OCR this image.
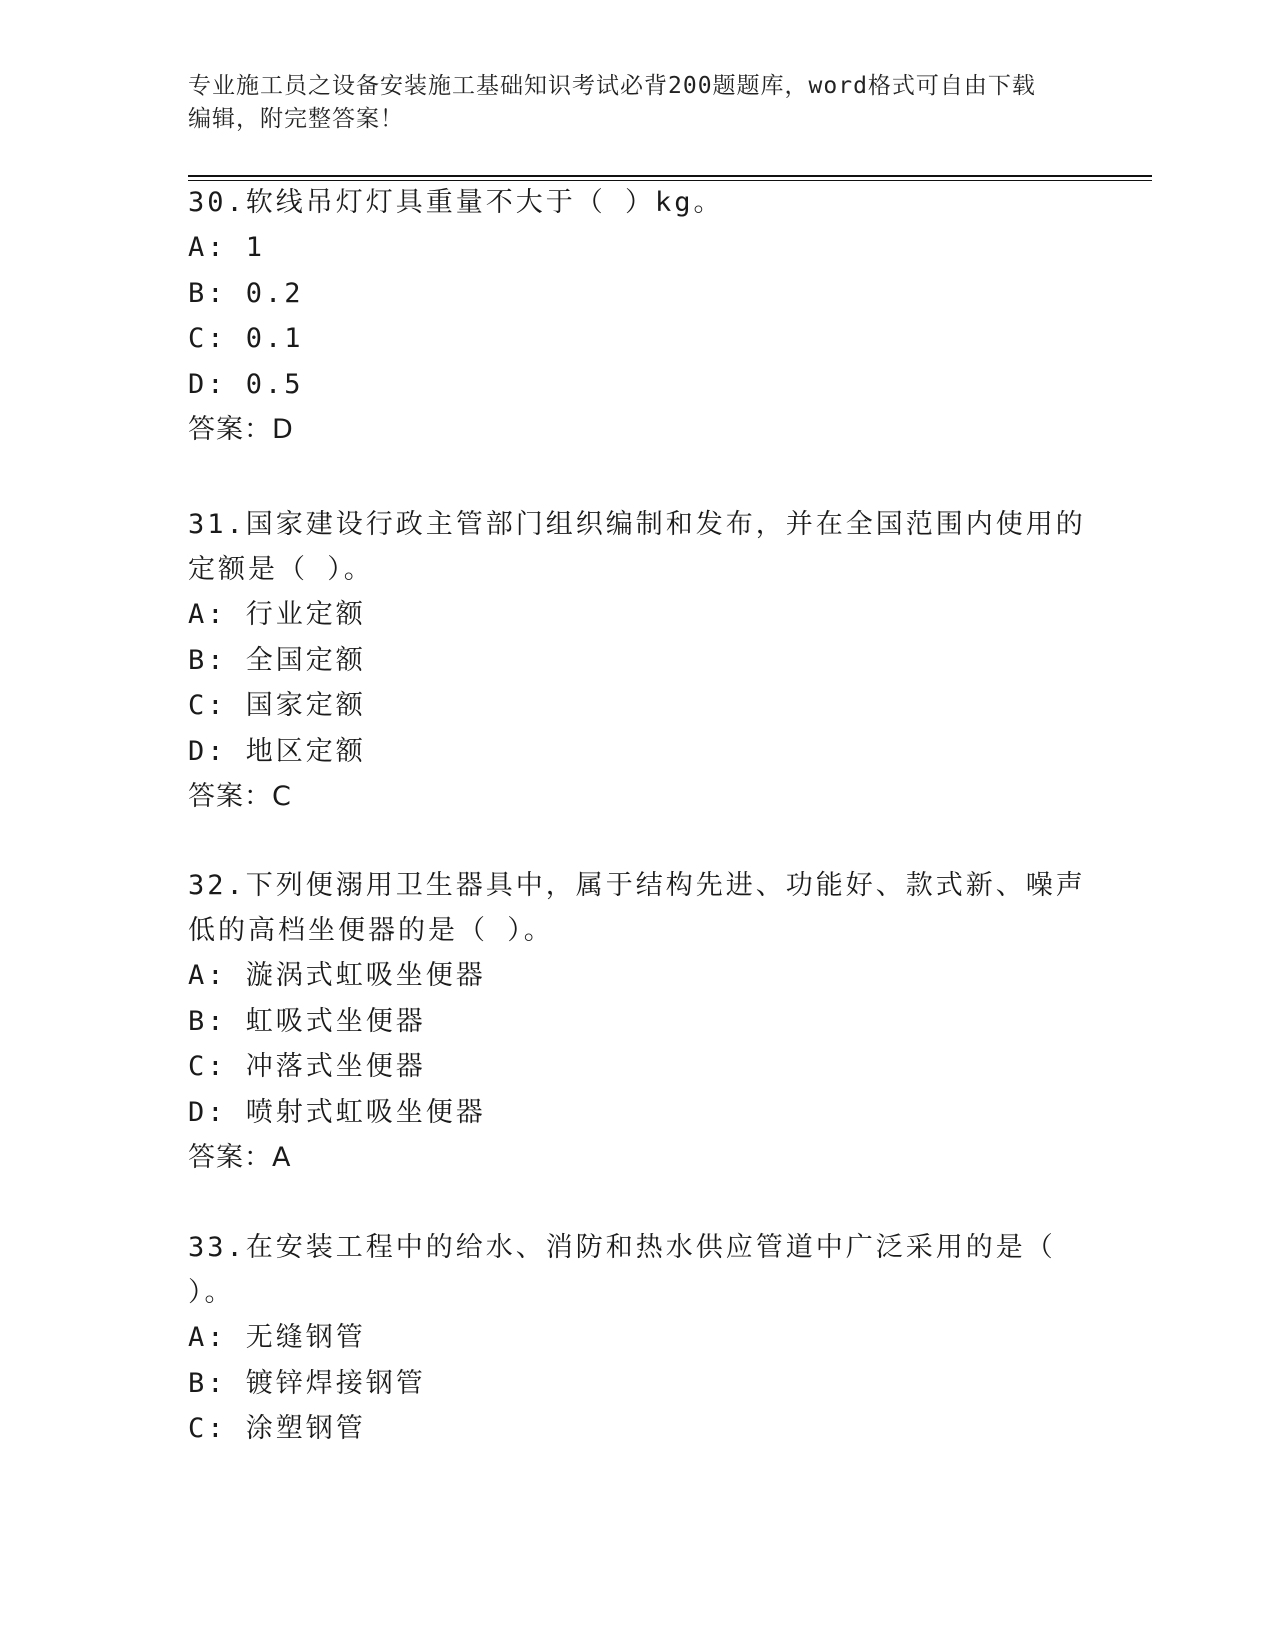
专业施工员之设备安装施工基础知识考试必背200题题库，word格式可自由下载
编辑，附完整答案！

30.软线吊灯灯具重量不大于（ ）kg。

A: 1

B: 0.2

C: 0.1

D: 0.5

答案：D

31.国家建设行政主管部门组织编制和发布，并在全国范围内使用的定额是（ ）。

A: 行业定额

B: 全国定额

C: 国家定额

D: 地区定额

答案：C

32.下列便溺用卫生器具中，属于结构先进、功能好、款式新、噪声低的高档坐便器的是（ ）。

A: 漩涡式虹吸坐便器

B: 虹吸式坐便器

C: 冲落式坐便器

D: 喷射式虹吸坐便器

答案：A

33.在安装工程中的给水、消防和热水供应管道中广泛采用的是（ ）。

A: 无缝钢管

B: 镀锌焊接钢管

C: 涂塑钢管
